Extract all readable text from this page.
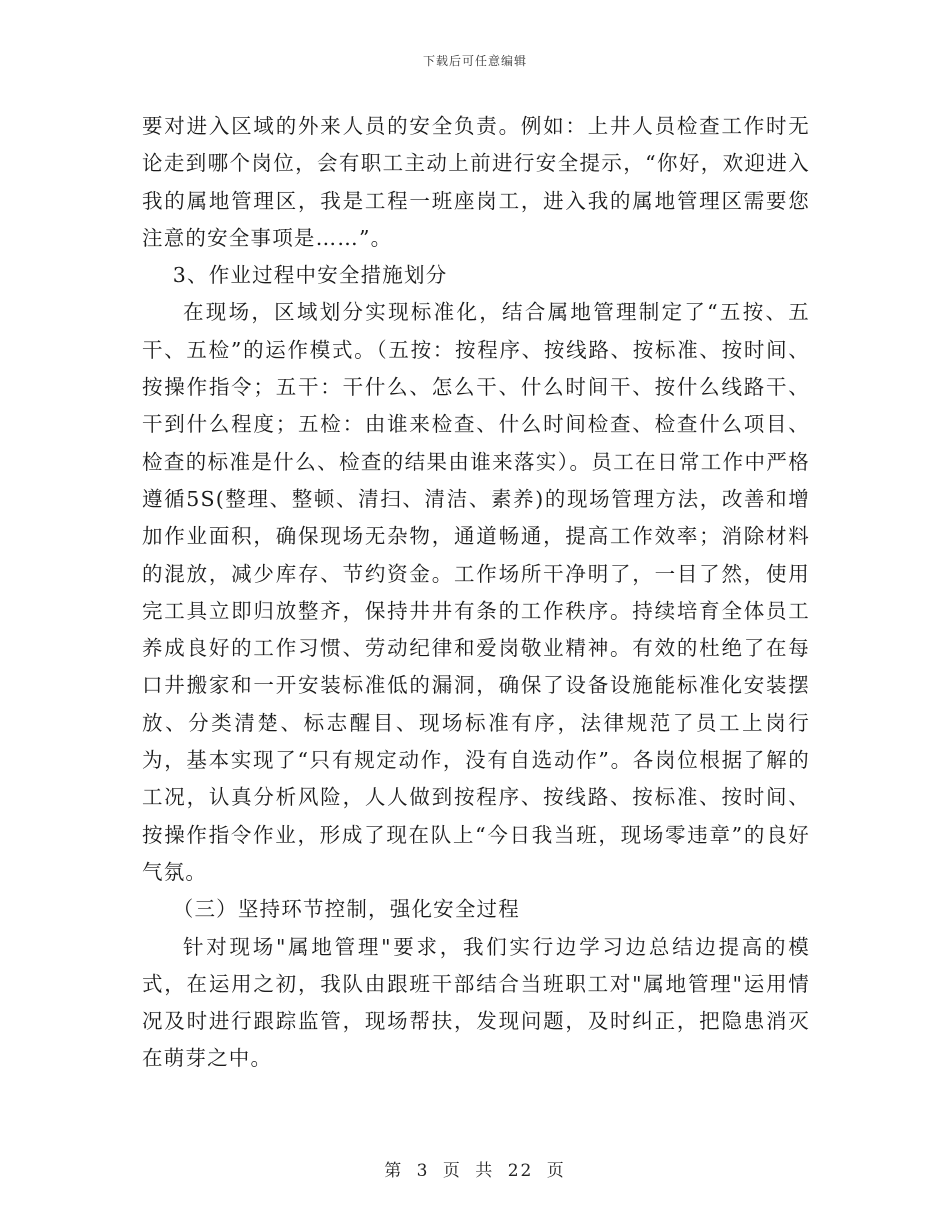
下载后可任意编辑

要对进入区域的外来人员的安全负责。例如：上井人员检查工作时无论走到哪个岗位，会有职工主动上前进行安全提示，“你好，欢迎进入我的属地管理区，我是工程一班座岗工，进入我的属地管理区需要您注意的安全事项是……”。

3、作业过程中安全措施划分

在现场，区域划分实现标准化，结合属地管理制定了“五按、五干、五检”的运作模式。（五按：按程序、按线路、按标准、按时间、按操作指令；五干：干什么、怎么干、什么时间干、按什么线路干、干到什么程度；五检：由谁来检查、什么时间检查、检查什么项目、检查的标准是什么、检查的结果由谁来落实）。员工在日常工作中严格遵循5S(整理、整顿、清扫、清洁、素养)的现场管理方法，改善和增加作业面积，确保现场无杂物，通道畅通，提高工作效率；消除材料的混放，减少库存、节约资金。工作场所干净明了，一目了然，使用完工具立即归放整齐，保持井井有条的工作秩序。持续培育全体员工养成良好的工作习惯、劳动纪律和爱岗敬业精神。有效的杜绝了在每口井搬家和一开安装标准低的漏洞，确保了设备设施能标准化安装摆放、分类清楚、标志醒目、现场标准有序，法律规范了员工上岗行为，基本实现了“只有规定动作，没有自选动作”。各岗位根据了解的工况，认真分析风险，人人做到按程序、按线路、按标准、按时间、按操作指令作业，形成了现在队上“今日我当班，现场零违章”的良好气氛。

（三）坚持环节控制，强化安全过程

针对现场"属地管理"要求，我们实行边学习边总结边提高的模式，在运用之初，我队由跟班干部结合当班职工对"属地管理"运用情况及时进行跟踪监管，现场帮扶，发现问题，及时纠正，把隐患消灭在萌芽之中。

第 3 页 共 22 页
